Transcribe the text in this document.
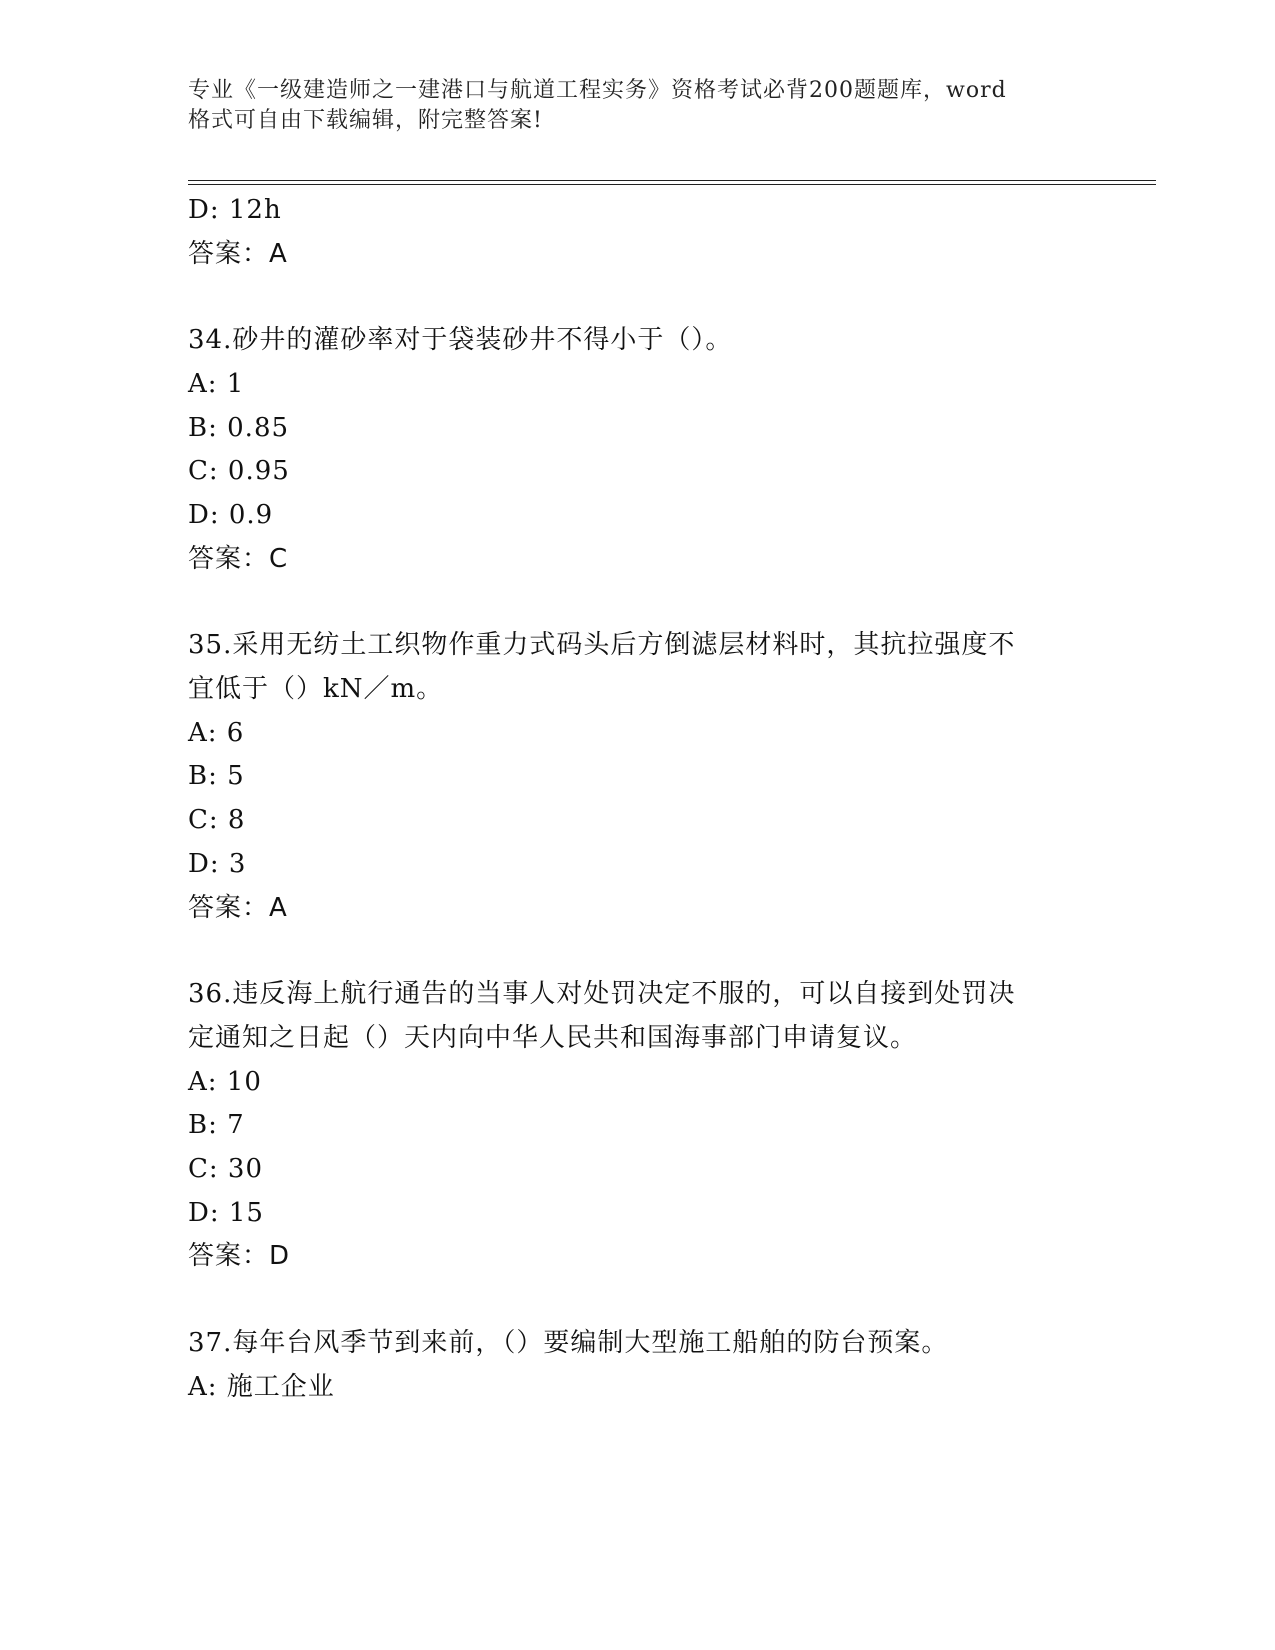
专业《一级建造师之一建港口与航道工程实务》资格考试必背200题题库，word
格式可自由下载编辑，附完整答案!
D: 12h
答案：A
34.砂井的灌砂率对于袋装砂井不得小于（）。
A: 1
B: 0.85
C: 0.95
D: 0.9
答案：C
35.采用无纺土工织物作重力式码头后方倒滤层材料时，其抗拉强度不
宜低于（）kN／m。
A: 6
B: 5
C: 8
D: 3
答案：A
36.违反海上航行通告的当事人对处罚决定不服的，可以自接到处罚决
定通知之日起（）天内向中华人民共和国海事部门申请复议。
A: 10
B: 7
C: 30
D: 15
答案：D
37.每年台风季节到来前，（）要编制大型施工船舶的防台预案。
A: 施工企业
